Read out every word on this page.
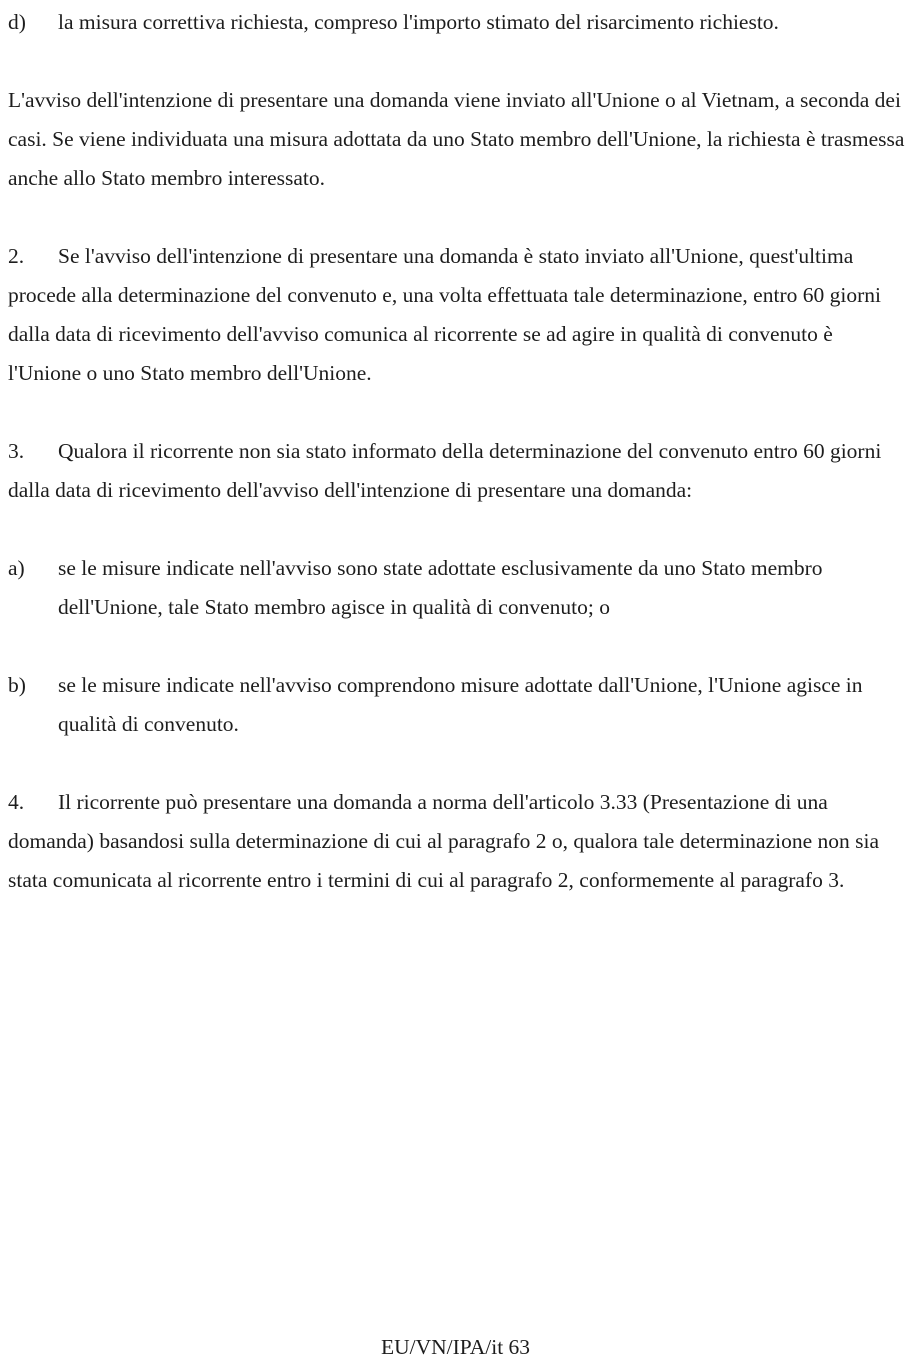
d)	la misura correttiva richiesta, compreso l'importo stimato del risarcimento richiesto.
L'avviso dell'intenzione di presentare una domanda viene inviato all'Unione o al Vietnam, a seconda dei casi. Se viene individuata una misura adottata da uno Stato membro dell'Unione, la richiesta è trasmessa anche allo Stato membro interessato.
2. Se l'avviso dell'intenzione di presentare una domanda è stato inviato all'Unione, quest'ultima procede alla determinazione del convenuto e, una volta effettuata tale determinazione, entro 60 giorni dalla data di ricevimento dell'avviso comunica al ricorrente se ad agire in qualità di convenuto è l'Unione o uno Stato membro dell'Unione.
3. Qualora il ricorrente non sia stato informato della determinazione del convenuto entro 60 giorni dalla data di ricevimento dell'avviso dell'intenzione di presentare una domanda:
a)	se le misure indicate nell'avviso sono state adottate esclusivamente da uno Stato membro dell'Unione, tale Stato membro agisce in qualità di convenuto; o
b)	se le misure indicate nell'avviso comprendono misure adottate dall'Unione, l'Unione agisce in qualità di convenuto.
4. Il ricorrente può presentare una domanda a norma dell'articolo 3.33 (Presentazione di una domanda) basandosi sulla determinazione di cui al paragrafo 2 o, qualora tale determinazione non sia stata comunicata al ricorrente entro i termini di cui al paragrafo 2, conformemente al paragrafo 3.
EU/VN/IPA/it 63
